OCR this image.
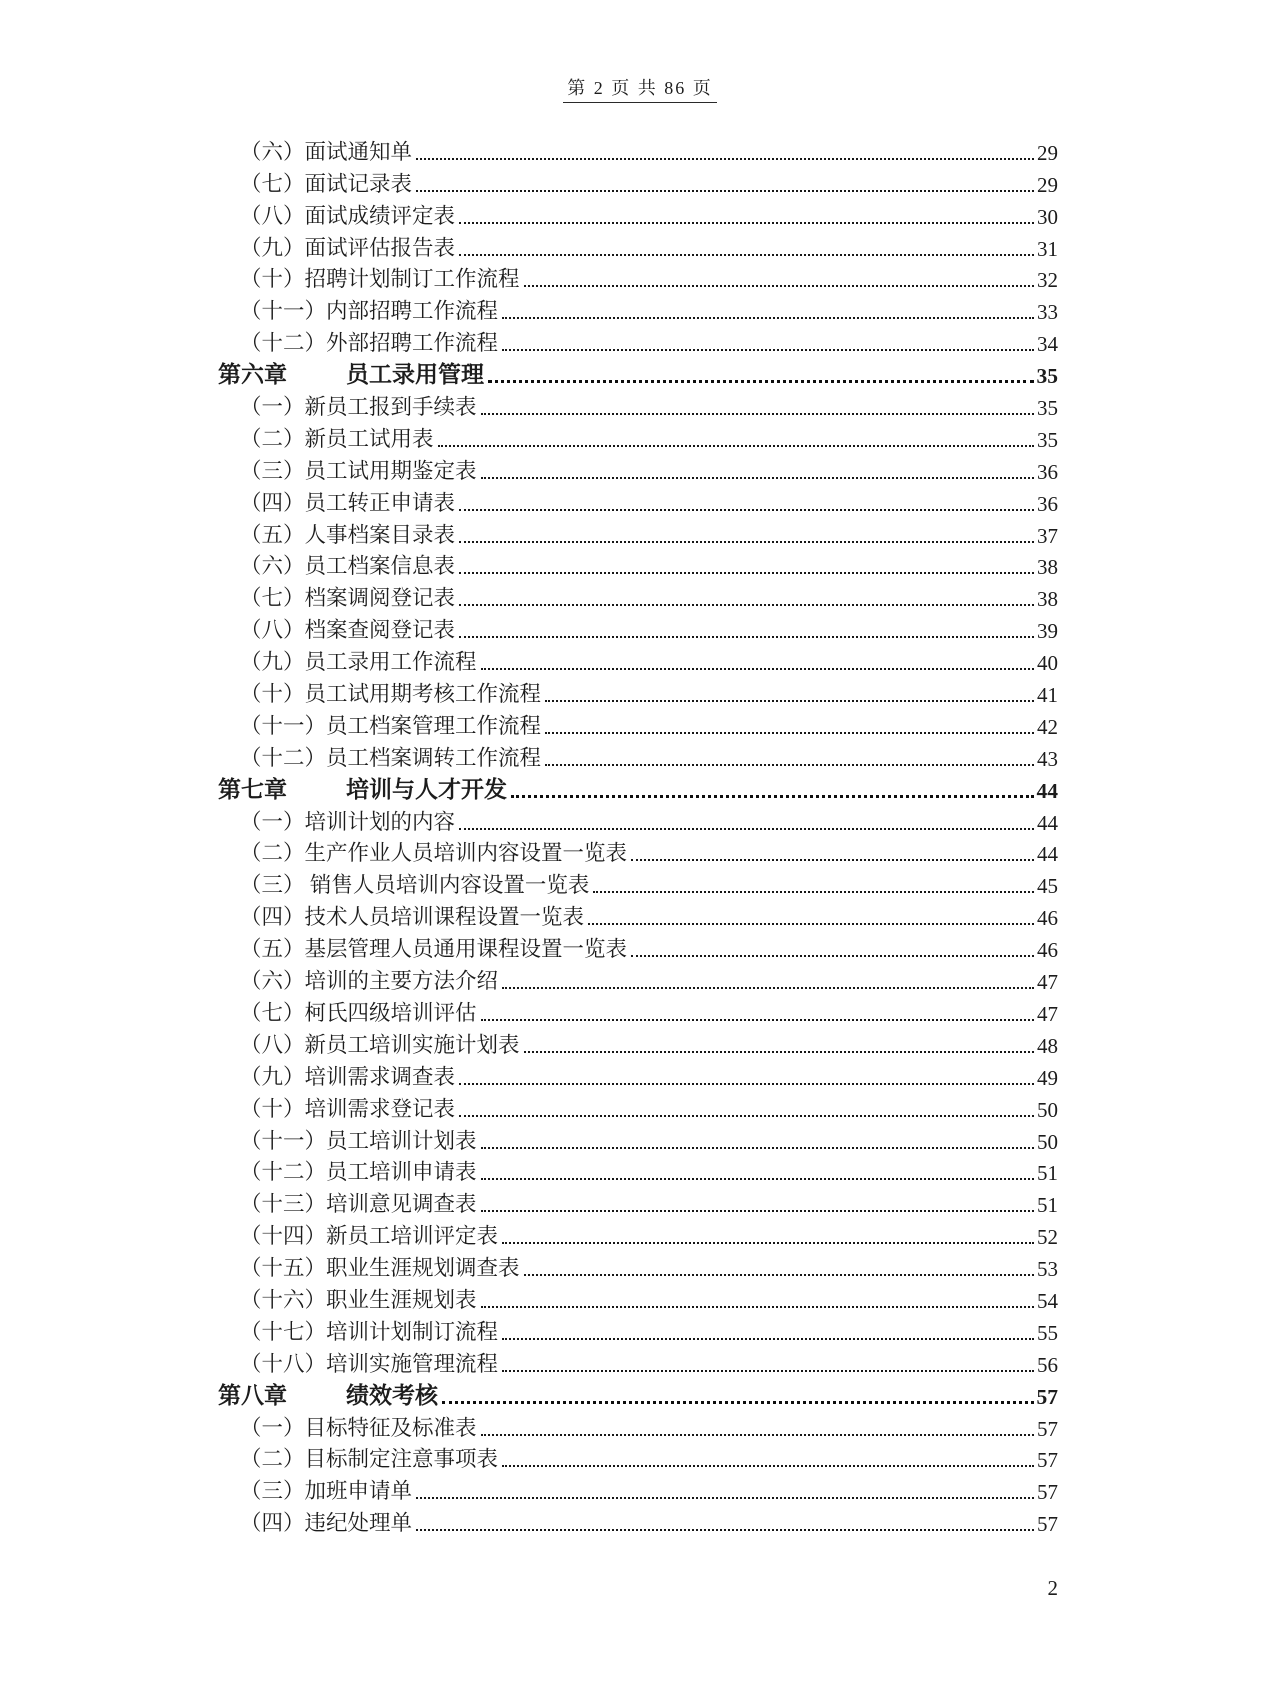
第 2 页 共 86 页
（六）面试通知单	29
（七）面试记录表	29
（八）面试成绩评定表	30
（九）面试评估报告表	31
（十）招聘计划制订工作流程	32
（十一）内部招聘工作流程	33
（十二）外部招聘工作流程	34
第六章	员工录用管理	35
（一）新员工报到手续表	35
（二）新员工试用表	35
（三）员工试用期鉴定表	36
（四）员工转正申请表	36
（五）人事档案目录表	37
（六）员工档案信息表	38
（七）档案调阅登记表	38
（八）档案查阅登记表	39
（九）员工录用工作流程	40
（十）员工试用期考核工作流程	41
（十一）员工档案管理工作流程	42
（十二）员工档案调转工作流程	43
第七章	培训与人才开发	44
（一）培训计划的内容	44
（二）生产作业人员培训内容设置一览表	44
（三） 销售人员培训内容设置一览表	45
（四）技术人员培训课程设置一览表	46
（五）基层管理人员通用课程设置一览表	46
（六）培训的主要方法介绍	47
（七）柯氏四级培训评估	47
（八）新员工培训实施计划表	48
（九）培训需求调查表	49
（十）培训需求登记表	50
（十一）员工培训计划表	50
（十二）员工培训申请表	51
（十三）培训意见调查表	51
（十四）新员工培训评定表	52
（十五）职业生涯规划调查表	53
（十六）职业生涯规划表	54
（十七）培训计划制订流程	55
（十八）培训实施管理流程	56
第八章	绩效考核	57
（一）目标特征及标准表	57
（二）目标制定注意事项表	57
（三）加班申请单	57
（四）违纪处理单	57
2
